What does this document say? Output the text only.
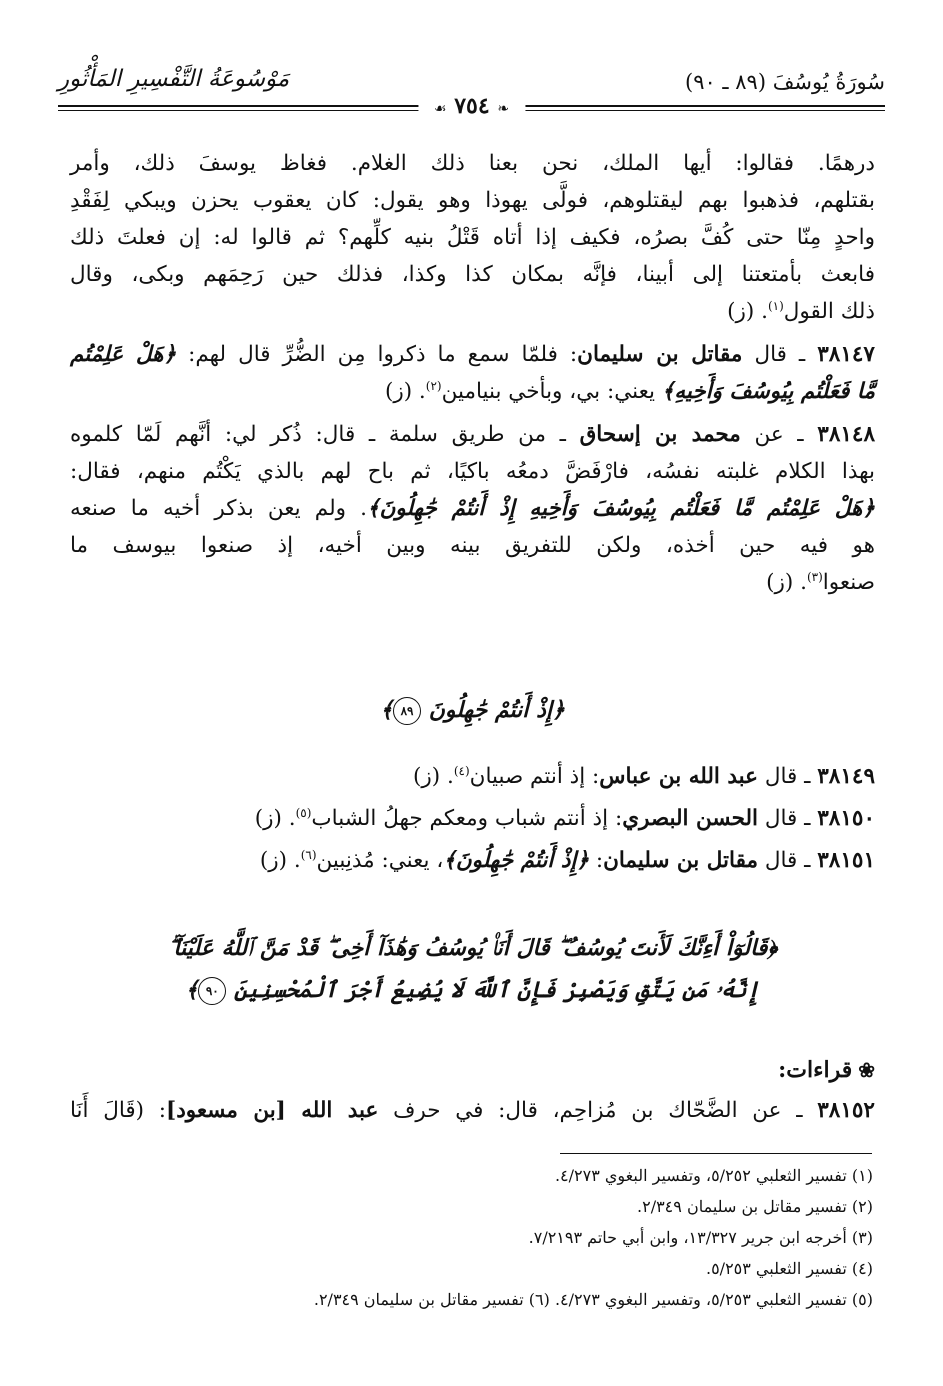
سُورَةُ يُوسُفَ (٨٩ ـ ٩٠)
مَوْسُوعَةُ التَّفْسِيرِ المَأْثُورِ
❧ ٧٥٤ ☙
درهمًا. فقالوا: أيها الملك، نحن بعنا ذلك الغلام. فغاظ يوسفَ ذلك، وأمر
بقتلهم، فذهبوا بهم ليقتلوهم، فولَّى يهوذا وهو يقول: كان يعقوب يحزن ويبكي لِفَقْدِ
واحدٍ مِنّا حتى كُفَّ بصرُه، فكيف إذا أتاه قَتْلُ بنيه كلِّهم؟ ثم قالوا له: إن فعلتَ ذلك
فابعث بأمتعتنا إلى أبينا، فإنَّه بمكان كذا وكذا، فذلك حين رَحِمَهم وبكى، وقال
ذلك القول$^{(١)}$. (ز)
٣٨١٤٧ ـ قال مقاتل بن سليمان: فلمّا سمع ما ذكروا مِن الضُّرِّ قال لهم: ﴿هَلْ عَلِمْتُم
مَّا فَعَلْتُم بِيُوسُفَ وَأَخِيهِ﴾ يعني: بي، وبأخي بنيامين$^{(٢)}$. (ز)
٣٨١٤٨ ـ عن محمد بن إسحاق ـ من طريق سلمة ـ قال: ذُكر لي: أنَّهم لَمّا كلموه
بهذا الكلام غلبته نفسُه، فارْفَضَّ دمعُه باكيًا، ثم باح لهم بالذي يَكْتُم منهم، فقال:
﴿هَلْ عَلِمْتُم مَّا فَعَلْتُم بِيُوسُفَ وَأَخِيهِ إِذْ أَنتُمْ جَٰهِلُونَ﴾. ولم يعن بذكر أخيه ما صنعه
هو فيه حين أخذه، ولكن للتفريق بينه وبين أخيه، إذ صنعوا بيوسف ما
صنعوا$^{(٣)}$. (ز)
﴿إِذْ أَنتُمْ جَٰهِلُونَ ٨٩﴾
٣٨١٤٩ ـ قال عبد الله بن عباس: إذ أنتم صبيان$^{(٤)}$. (ز)
٣٨١٥٠ ـ قال الحسن البصري: إذ أنتم شباب ومعكم جهلُ الشباب$^{(٥)}$. (ز)
٣٨١٥١ ـ قال مقاتل بن سليمان: ﴿إِذْ أَنتُمْ جَٰهِلُونَ﴾، يعني: مُذنِبين$^{(٦)}$. (ز)
﴿قَالُوٓاْ أَءِنَّكَ لَأَنتَ يُوسُفُ ۖ قَالَ أَنَا۠ يُوسُفُ وَهَٰذَآ أَخِى ۖ قَدْ مَنَّ ٱللَّهُ عَلَيْنَآ ۖ
إِنَّهُۥ مَن يَتَّقِ وَيَصْبِرْ فَإِنَّ ٱللَّهَ لَا يُضِيعُ أَجْرَ ٱلْمُحْسِنِينَ ٩٠﴾
❀قراءات:
٣٨١٥٢ ـ عن الضَّحّاك بن مُزاحِم، قال: في حرف عبد الله [بن مسعود]: (قَالَ أَنَا
(١) تفسير الثعلبي ٥/٢٥٢، وتفسير البغوي ٤/٢٧٣.
(٢) تفسير مقاتل بن سليمان ٢/٣٤٩.
(٣) أخرجه ابن جرير ١٣/٣٢٧، وابن أبي حاتم ٧/٢١٩٣.
(٤) تفسير الثعلبي ٥/٢٥٣.
(٥) تفسير الثعلبي ٥/٢٥٣، وتفسير البغوي ٤/٢٧٣. (٦) تفسير مقاتل بن سليمان ٢/٣٤٩.
